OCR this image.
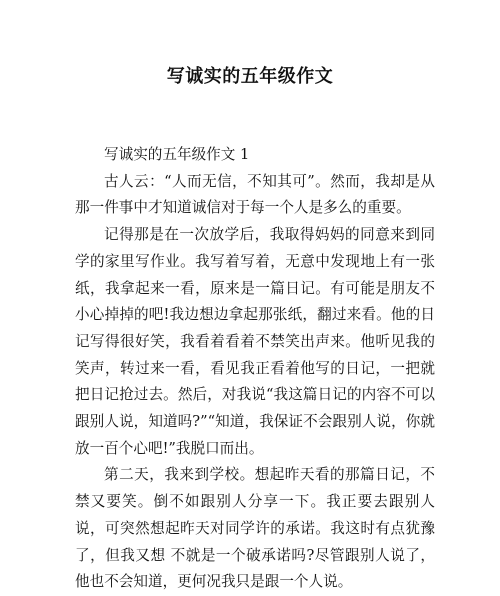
写诚实的五年级作文
写诚实的五年级作文 1

古人云：“人而无信，不知其可”。然而，我却是从那一件事中才知道诚信对于每一个人是多么的重要。

记得那是在一次放学后，我取得妈妈的同意来到同学的家里写作业。我写着写着，无意中发现地上有一张纸，我拿起来一看，原来是一篇日记。有可能是朋友不小心掉掉的吧!我边想边拿起那张纸，翻过来看。他的日记写得很好笑，我看着看着不禁笑出声来。他听见我的笑声，转过来一看，看见我正看着他写的日记，一把就把日记抢过去。然后，对我说“我这篇日记的内容不可以跟别人说，知道吗?”“知道，我保证不会跟别人说，你就放一百个心吧!”我脱口而出。

第二天，我来到学校。想起昨天看的那篇日记，不禁又要笑。倒不如跟别人分享一下。我正要去跟别人说，可突然想起昨天对同学许的承诺。我这时有点犹豫了，但我又想 不就是一个破承诺吗?尽管跟别人说了，他也不会知道，更何况我只是跟一个人说。
